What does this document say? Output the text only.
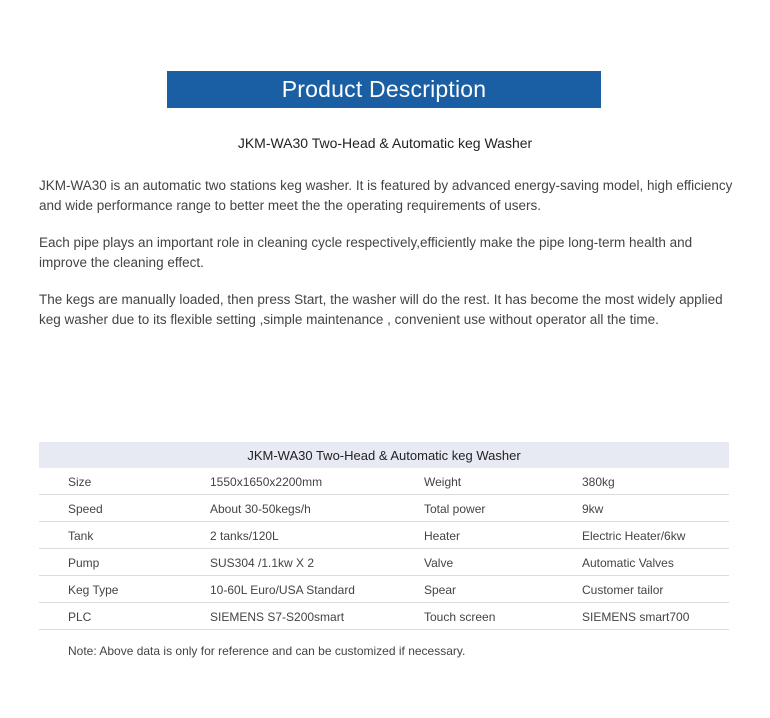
Product Description
JKM-WA30 Two-Head & Automatic keg Washer
JKM-WA30 is an automatic two stations keg washer. It is featured by advanced energy-saving model, high efficiency and wide performance range to better meet the the operating requirements of users.
Each pipe plays an important role in cleaning cycle respectively,efficiently make the pipe long-term health and improve the cleaning effect.
The kegs are manually loaded, then press Start, the washer will do the rest. It has become the most widely applied keg washer due to its flexible setting ,simple maintenance , convenient use without operator all the time.
JKM-WA30 Two-Head & Automatic keg Washer
Size	1550x1650x2200mm	Weight	380kg
Speed	About 30-50kegs/h	Total power	9kw
Tank	2 tanks/120L	Heater	Electric Heater/6kw
Pump	SUS304 /1.1kw X 2	Valve	Automatic Valves
Keg Type	10-60L Euro/USA Standard	Spear	Customer tailor
PLC	SIEMENS S7-S200smart	Touch screen	SIEMENS smart700
Note: Above data is only for reference and can be customized if necessary.
